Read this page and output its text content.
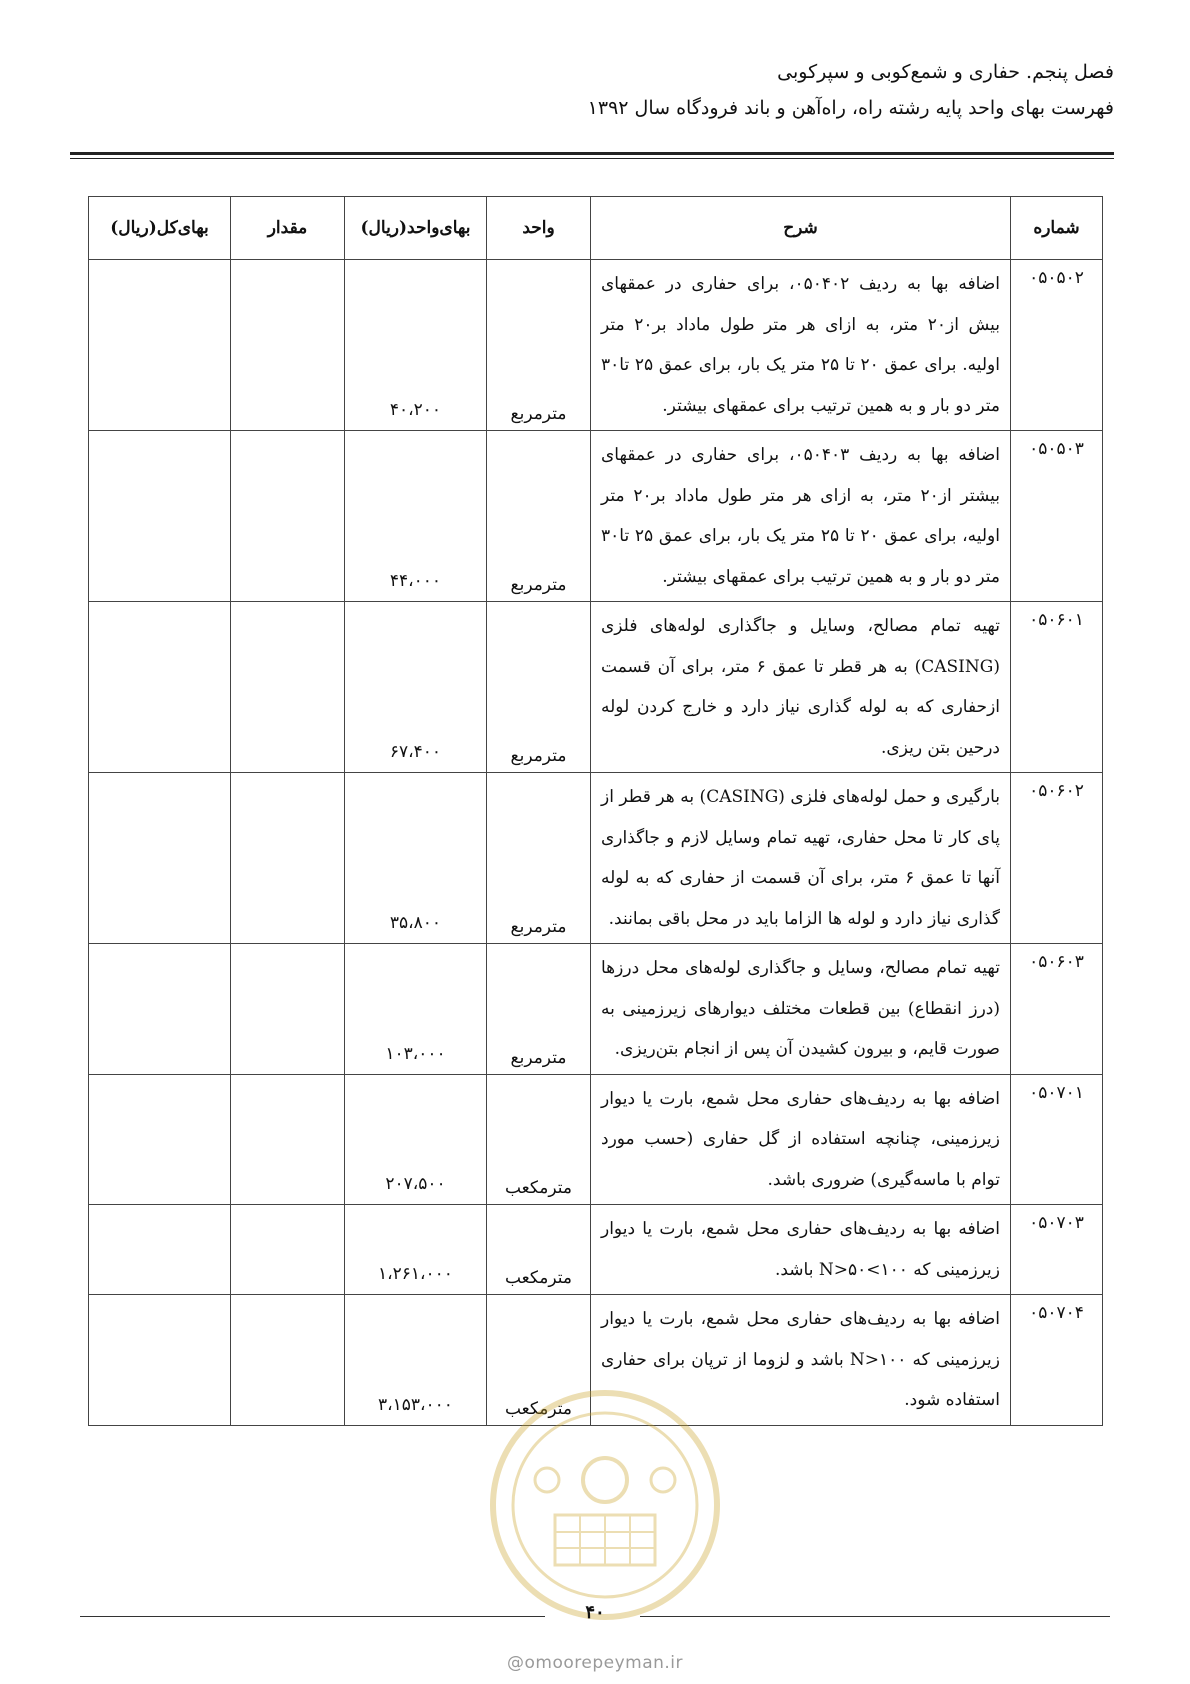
فصل پنجم. حفاری و شمع‌کوبی و سپرکوبی
فهرست بهای واحد پایه رشته راه، راه‌آهن و باند فرودگاه سال ۱۳۹۲
شماره	شرح	واحد	بهای‌واحد(ریال)	مقدار	بهای‌کل(ریال)
۰۵۰۵۰۲	اضافه بها به ردیف ۰۵۰۴۰۲، برای حفاری در عمقهای بیش از۲۰ متر، به ازای هر متر طول ماداد بر۲۰ متر اولیه. برای عمق ۲۰ تا ۲۵ متر یک بار، برای عمق ۲۵ تا۳۰ متر دو بار و به همین ترتیب برای عمقهای بیشتر.	مترمربع	۴۰،۲۰۰		
۰۵۰۵۰۳	اضافه بها به ردیف ۰۵۰۴۰۳، برای حفاری در عمقهای بیشتر از۲۰ متر، به ازای هر متر طول ماداد بر۲۰ متر اولیه، برای عمق ۲۰ تا ۲۵ متر یک بار، برای عمق ۲۵ تا۳۰ متر دو بار و به همین ترتیب برای عمقهای بیشتر.	مترمربع	۴۴،۰۰۰		
۰۵۰۶۰۱	تهیه تمام مصالح، وسایل و جاگذاری لوله‌های فلزی (CASING) به هر قطر تا عمق ۶ متر، برای آن قسمت ازحفاری که به لوله گذاری نیاز دارد و خارج کردن لوله درحین بتن ریزی.	مترمربع	۶۷،۴۰۰		
۰۵۰۶۰۲	بارگیری و حمل لوله‌های فلزی (CASING) به هر قطر از پای کار تا محل حفاری، تهیه تمام وسایل لازم و جاگذاری آنها تا عمق ۶ متر، برای آن قسمت از حفاری که به لوله گذاری نیاز دارد و لوله ها الزاما باید در محل باقی بمانند.	مترمربع	۳۵،۸۰۰		
۰۵۰۶۰۳	تهیه تمام مصالح، وسایل و جاگذاری لوله‌های محل درزها (درز انقطاع) بین قطعات مختلف دیوارهای زیرزمینی به صورت قایم، و بیرون کشیدن آن پس از انجام بتن‌ریزی.	مترمربع	۱۰۳،۰۰۰		
۰۵۰۷۰۱	اضافه بها به ردیف‌های حفاری محل شمع، بارت یا دیوار زیرزمینی، چنانچه استفاده از گل حفاری (حسب مورد توام با ماسه‌گیری) ضروری باشد.	مترمکعب	۲۰۷،۵۰۰		
۰۵۰۷۰۳	اضافه بها به ردیف‌های حفاری محل شمع، بارت یا دیوار زیرزمینی که ۱۰۰>N>۵۰ باشد.	مترمکعب	۱،۲۶۱،۰۰۰		
۰۵۰۷۰۴	اضافه بها به ردیف‌های حفاری محل شمع، بارت یا دیوار زیرزمینی که ۱۰۰<N باشد و لزوما از ترپان برای حفاری استفاده شود.	مترمکعب	۳،۱۵۳،۰۰۰		
۴۰
@omoorepeyman.ir
